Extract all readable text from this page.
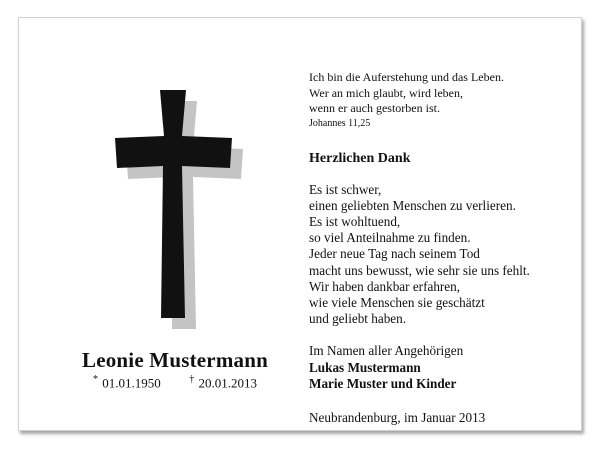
Leonie Mustermann
* 01.01.1950	† 20.01.2013
Ich bin die Auferstehung und das Leben.
Wer an mich glaubt, wird leben,
wenn er auch gestorben ist.
Johannes 11,25
Herzlichen Dank
Es ist schwer,
einen geliebten Menschen zu verlieren.
Es ist wohltuend,
so viel Anteilnahme zu finden.
Jeder neue Tag nach seinem Tod
macht uns bewusst, wie sehr sie uns fehlt.
Wir haben dankbar erfahren,
wie viele Menschen sie geschätzt
und geliebt haben.
Im Namen aller Angehörigen
Lukas Mustermann
Marie Muster und Kinder
Neubrandenburg, im Januar 2013
